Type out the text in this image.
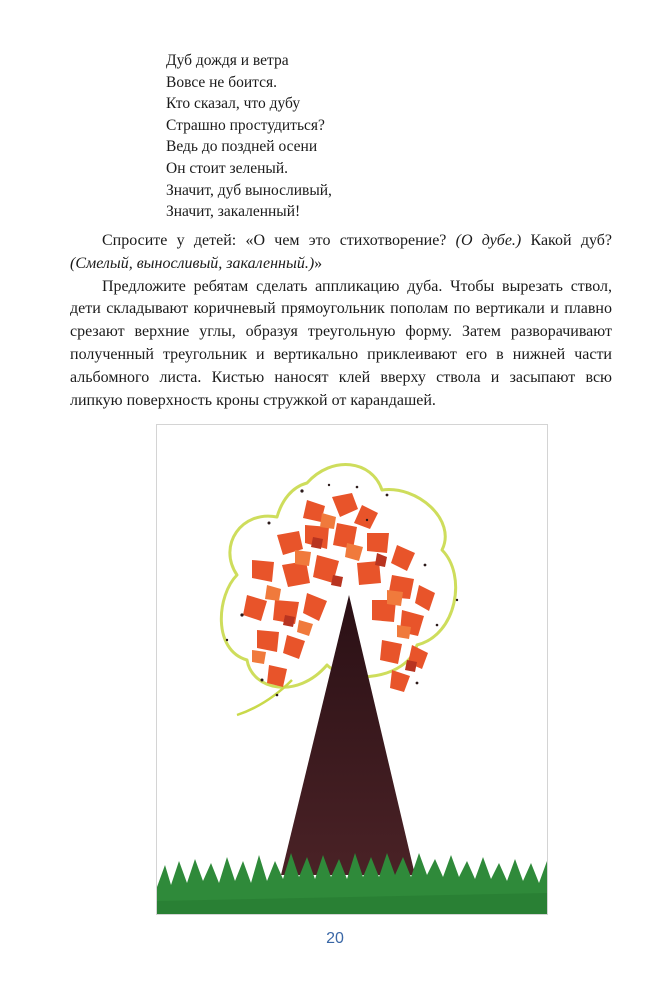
Дуб дождя и ветра
Вовсе не боится.
Кто сказал, что дубу
Страшно простудиться?
Ведь до поздней осени
Он стоит зеленый.
Значит, дуб выносливый,
Значит, закаленный!

Спросите у детей: «О чем это стихотворение? (О дубе.) Какой дуб? (Смелый, выносливый, закаленный.)»

Предложите ребятам сделать аппликацию дуба. Чтобы вырезать ствол, дети складывают коричневый прямоугольник пополам по вертикали и плавно срезают верхние углы, образуя треугольную форму. Затем разворачивают полученный треугольник и вертикально приклеивают его в нижней части альбомного листа. Кистью наносят клей вверху ствола и засыпают всю липкую поверхность кроны стружкой от карандашей.

20
